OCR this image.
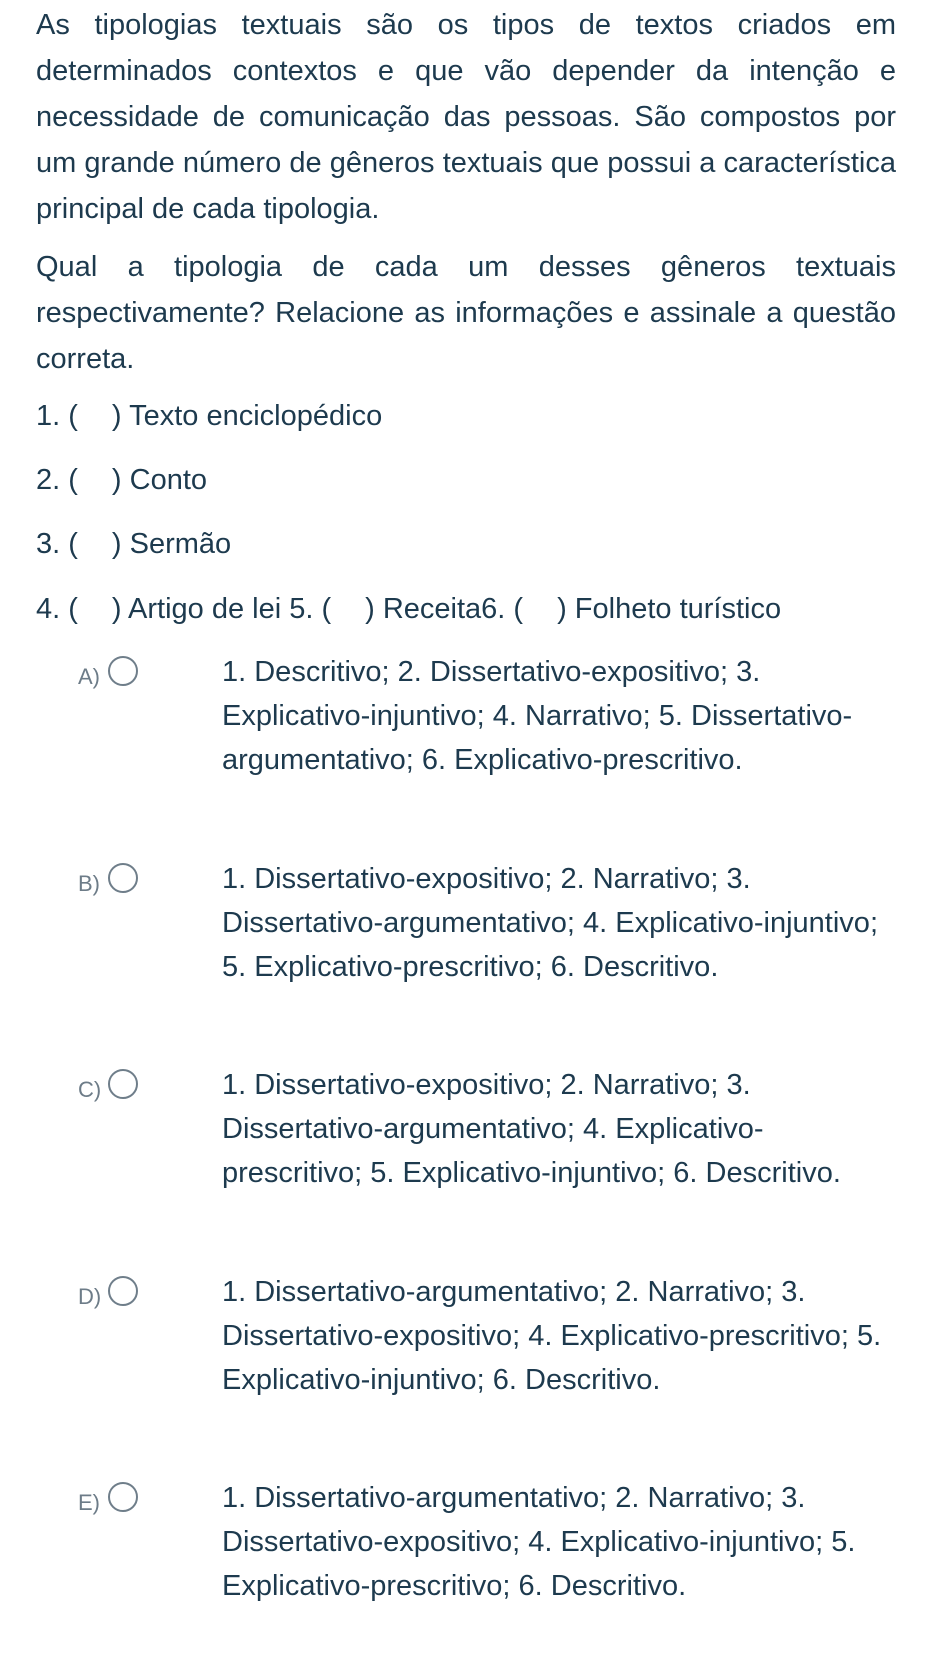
As tipologias textuais são os tipos de textos criados em determinados contextos e que vão depender da intenção e necessidade de comunicação das pessoas. São compostos por um grande número de gêneros textuais que possui a característica principal de cada tipologia.

Qual a tipologia de cada um desses gêneros textuais respectivamente? Relacione as informações e assinale a questão correta.

1. ( ) Texto enciclopédico
2. ( ) Conto
3. ( ) Sermão
4. ( ) Artigo de lei 5. ( ) Receita6. ( ) Folheto turístico
A)	1. Descritivo; 2. Dissertativo-expositivo; 3. Explicativo-injuntivo; 4. Narrativo; 5. Dissertativo-argumentativo; 6. Explicativo-prescritivo.

B)	1. Dissertativo-expositivo; 2. Narrativo; 3. Dissertativo-argumentativo; 4. Explicativo-injuntivo; 5. Explicativo-prescritivo; 6. Descritivo.

C)	1. Dissertativo-expositivo; 2. Narrativo; 3. Dissertativo-argumentativo; 4. Explicativo-prescritivo; 5. Explicativo-injuntivo; 6. Descritivo.

D)	1. Dissertativo-argumentativo; 2. Narrativo; 3. Dissertativo-expositivo; 4. Explicativo-prescritivo; 5. Explicativo-injuntivo; 6. Descritivo.

E)	1. Dissertativo-argumentativo; 2. Narrativo; 3. Dissertativo-expositivo; 4. Explicativo-injuntivo; 5. Explicativo-prescritivo; 6. Descritivo.
